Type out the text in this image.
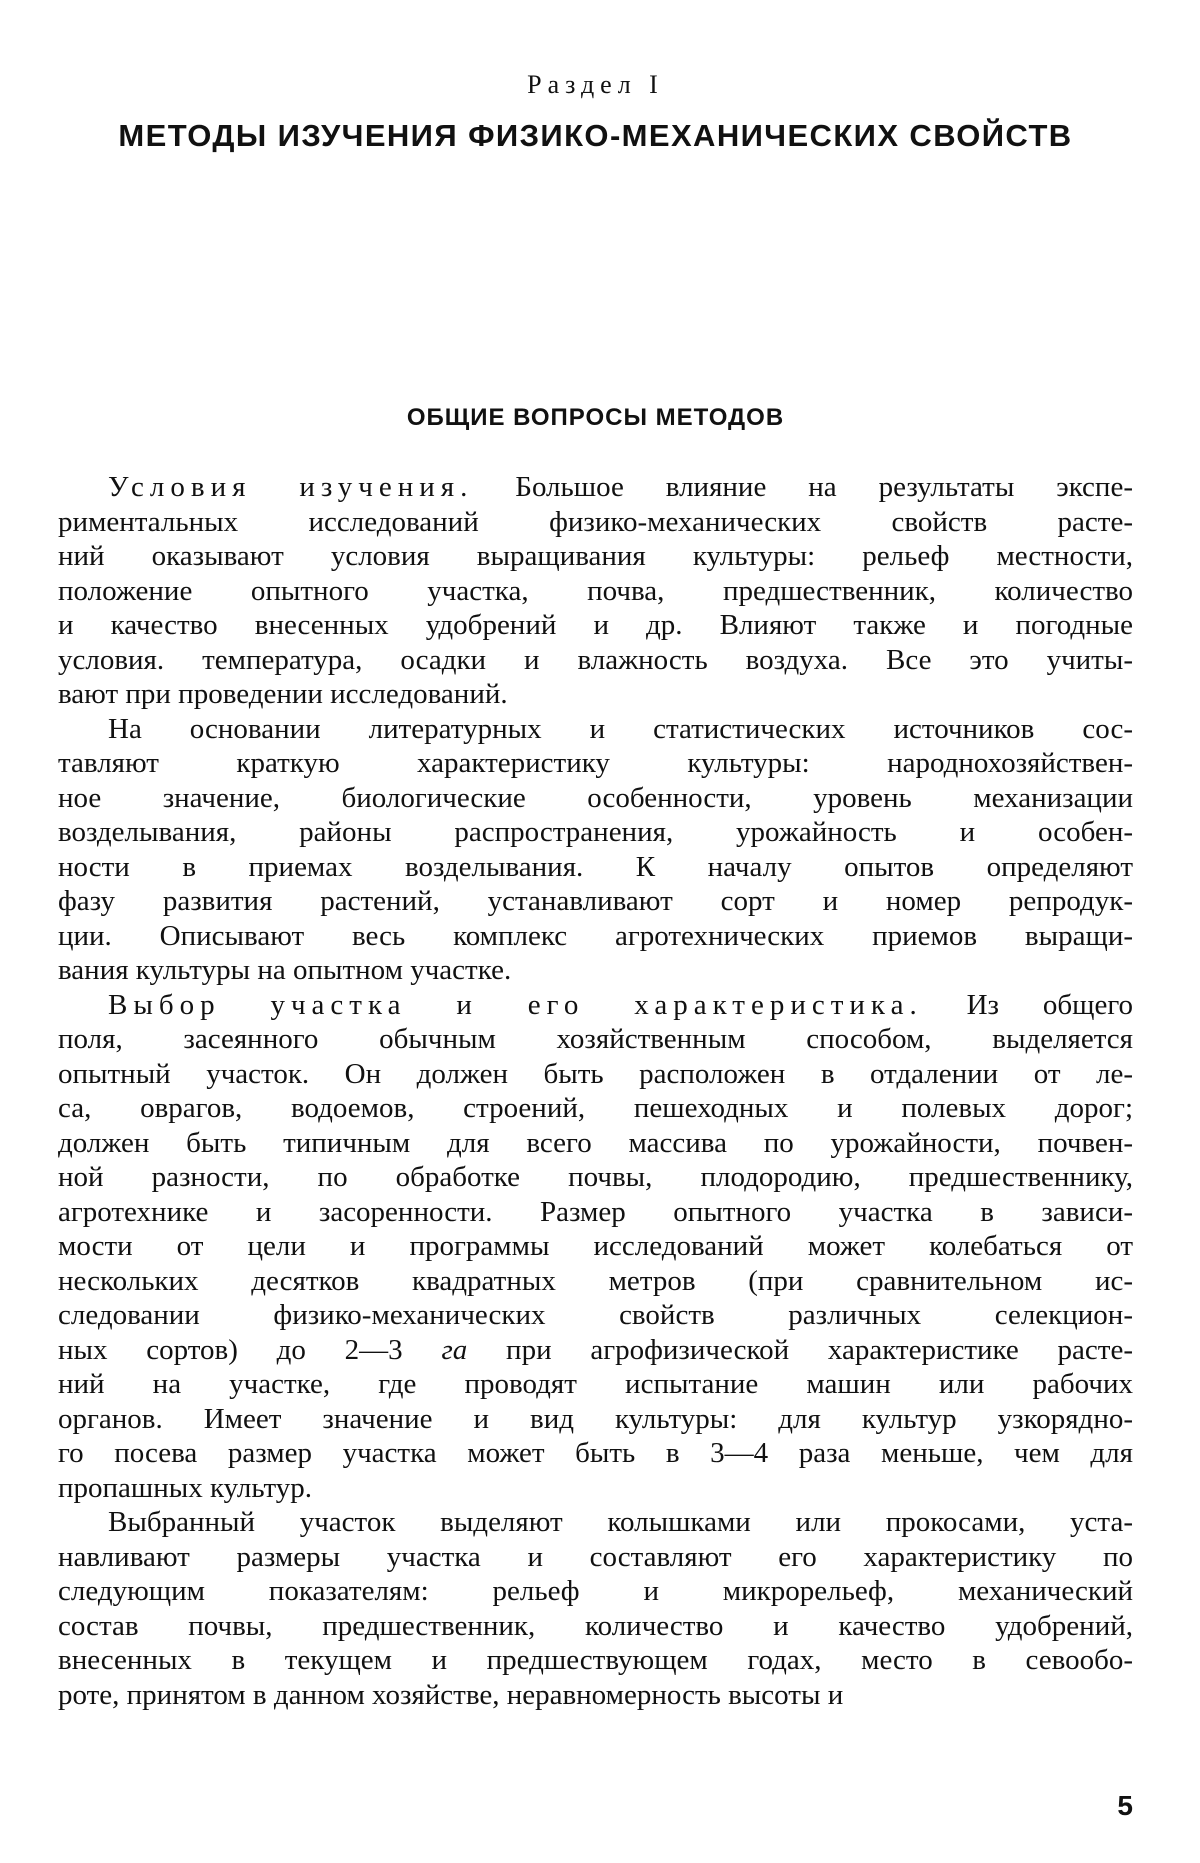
Раздел I
МЕТОДЫ ИЗУЧЕНИЯ ФИЗИКО-МЕХАНИЧЕСКИХ СВОЙСТВ
ОБЩИЕ ВОПРОСЫ МЕТОДОВ
Условия изучения. Большое влияние на результаты экспе-
риментальных исследований физико-механических свойств расте-
ний оказывают условия выращивания культуры: рельеф местности,
положение опытного участка, почва, предшественник, количество
и качество внесенных удобрений и др. Влияют также и погодные
условия. температура, осадки и влажность воздуха. Все это учиты-
вают при проведении исследований.
На основании литературных и статистических источников сос-
тавляют краткую характеристику культуры: народнохозяйствен-
ное значение, биологические особенности, уровень механизации
возделывания, районы распространения, урожайность и особен-
ности в приемах возделывания. К началу опытов определяют
фазу развития растений, устанавливают сорт и номер репродук-
ции. Описывают весь комплекс агротехнических приемов выращи-
вания культуры на опытном участке.
Выбор участка и его характеристика. Из общего
поля, засеянного обычным хозяйственным способом, выделяется
опытный участок. Он должен быть расположен в отдалении от ле-
са, оврагов, водоемов, строений, пешеходных и полевых дорог;
должен быть типичным для всего массива по урожайности, почвен-
ной разности, по обработке почвы, плодородию, предшественнику,
агротехнике и засоренности. Размер опытного участка в зависи-
мости от цели и программы исследований может колебаться от
нескольких десятков квадратных метров (при сравнительном ис-
следовании физико-механических свойств различных селекцион-
ных сортов) до 2—3 га при агрофизической характеристике расте-
ний на участке, где проводят испытание машин или рабочих
органов. Имеет значение и вид культуры: для культур узкорядно-
го посева размер участка может быть в 3—4 раза меньше, чем для
пропашных культур.
Выбранный участок выделяют колышками или прокосами, уста-
навливают размеры участка и составляют его характеристику по
следующим показателям: рельеф и микрорельеф, механический
состав почвы, предшественник, количество и качество удобрений,
внесенных в текущем и предшествующем годах, место в севообо-
роте, принятом в данном хозяйстве, неравномерность высоты и
5
